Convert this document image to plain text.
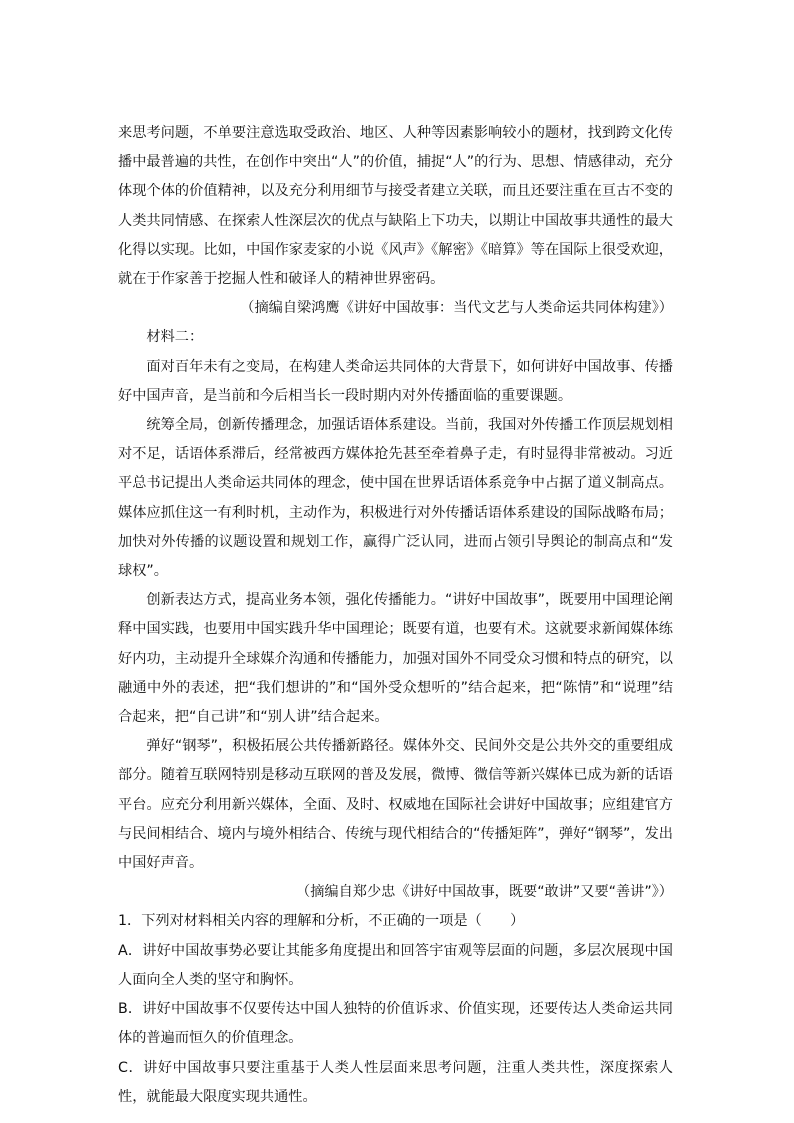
来思考问题，不单要注意选取受政治、地区、人种等因素影响较小的题材，找到跨文化传播中最普遍的共性，在创作中突出“人”的价值，捕捉“人”的行为、思想、情感律动，充分体现个体的价值精神，以及充分利用细节与接受者建立关联，而且还要注重在亘古不变的人类共同情感、在探索人性深层次的优点与缺陷上下功夫，以期让中国故事共通性的最大化得以实现。比如，中国作家麦家的小说《风声》《解密》《暗算》等在国际上很受欢迎，就在于作家善于挖掘人性和破译人的精神世界密码。

（摘编自梁鸿鹰《讲好中国故事：当代文艺与人类命运共同体构建》）

材料二：

面对百年未有之变局，在构建人类命运共同体的大背景下，如何讲好中国故事、传播好中国声音，是当前和今后相当长一段时期内对外传播面临的重要课题。

统筹全局，创新传播理念，加强话语体系建设。当前，我国对外传播工作顶层规划相对不足，话语体系滞后，经常被西方媒体抢先甚至牵着鼻子走，有时显得非常被动。习近平总书记提出人类命运共同体的理念，使中国在世界话语体系竞争中占据了道义制高点。媒体应抓住这一有利时机，主动作为，积极进行对外传播话语体系建设的国际战略布局；加快对外传播的议题设置和规划工作，赢得广泛认同，进而占领引导舆论的制高点和“发球权”。

创新表达方式，提高业务本领，强化传播能力。“讲好中国故事”，既要用中国理论阐释中国实践，也要用中国实践升华中国理论；既要有道，也要有术。这就要求新闻媒体练好内功，主动提升全球媒介沟通和传播能力，加强对国外不同受众习惯和特点的研究，以融通中外的表述，把“我们想讲的”和“国外受众想听的”结合起来，把“陈情”和“说理”结合起来，把“自己讲”和“别人讲”结合起来。

弹好“钢琴”，积极拓展公共传播新路径。媒体外交、民间外交是公共外交的重要组成部分。随着互联网特别是移动互联网的普及发展，微博、微信等新兴媒体已成为新的话语平台。应充分利用新兴媒体，全面、及时、权威地在国际社会讲好中国故事；应组建官方与民间相结合、境内与境外相结合、传统与现代相结合的“传播矩阵”，弹好“钢琴”，发出中国好声音。

（摘编自郑少忠《讲好中国故事，既要“敢讲”又要“善讲”》）

1．下列对材料相关内容的理解和分析，不正确的一项是（　　）

A．讲好中国故事势必要让其能多角度提出和回答宇宙观等层面的问题，多层次展现中国人面向全人类的坚守和胸怀。

B．讲好中国故事不仅要传达中国人独特的价值诉求、价值实现，还要传达人类命运共同体的普遍而恒久的价值理念。

C．讲好中国故事只要注重基于人类人性层面来思考问题，注重人类共性，深度探索人性，就能最大限度实现共通性。
